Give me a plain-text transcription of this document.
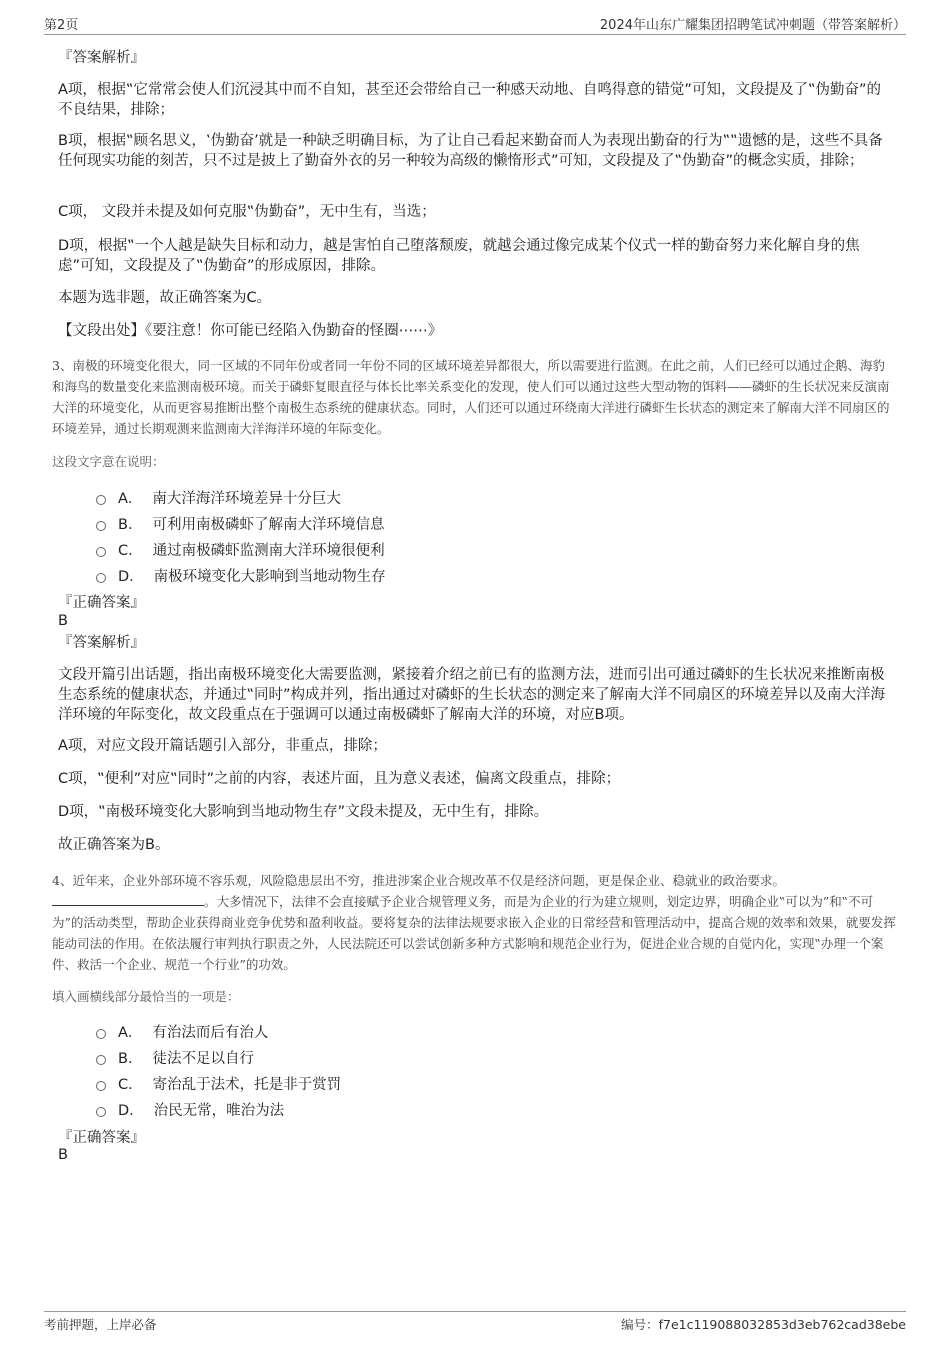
第2页	2024年山东广耀集团招聘笔试冲刺题（带答案解析）
『答案解析』
A项，根据‟它常常会使人们沉浸其中而不自知，甚至还会带给自己一种感天动地、自鸣得意的错觉”可知，文段提及了‟伪勤奋”的不良结果，排除；
B项，根据‟顾名思义，‛伪勤奋’就是一种缺乏明确目标，为了让自己看起来勤奋而人为表现出勤奋的行为‟‟遗憾的是，这些不具备任何现实功能的刻苦，只不过是披上了勤奋外衣的另一种较为高级的懒惰形式”可知，文段提及了‟伪勤奋”的概念实质，排除；
C项， 文段并未提及如何克服‟伪勤奋”，无中生有，当选；
D项，根据‟一个人越是缺失目标和动力，越是害怕自己堕落颓废，就越会通过像完成某个仪式一样的勤奋努力来化解自身的焦虑”可知，文段提及了‟伪勤奋”的形成原因，排除。
本题为选非题，故正确答案为C。
【文段出处】《要注意！你可能已经陷入伪勤奋的怪圈⋯⋯》
3、南极的环境变化很大，同一区域的不同年份或者同一年份不同的区域环境差异都很大，所以需要进行监测。在此之前，人们已经可以通过企鹅、海豹和海鸟的数量变化来监测南极环境。而关于磷虾复眼直径与体长比率关系变化的发现，使人们可以通过这些大型动物的饵料——磷虾的生长状况来反演南大洋的环境变化，从而更容易推断出整个南极生态系统的健康状态。同时，人们还可以通过环绕南大洋进行磷虾生长状态的测定来了解南大洋不同扇区的环境差异，通过长期观测来监测南大洋海洋环境的年际变化。
这段文字意在说明：
A． 南大洋海洋环境差异十分巨大
B． 可利用南极磷虾了解南大洋环境信息
C． 通过南极磷虾监测南大洋环境很便利
D． 南极环境变化大影响到当地动物生存
『正确答案』
B
『答案解析』
文段开篇引出话题，指出南极环境变化大需要监测，紧接着介绍之前已有的监测方法，进而引出可通过磷虾的生长状况来推断南极生态系统的健康状态，并通过‟同时”构成并列，指出通过对磷虾的生长状态的测定来了解南大洋不同扇区的环境差异以及南大洋海洋环境的年际变化，故文段重点在于强调可以通过南极磷虾了解南大洋的环境，对应B项。
A项，对应文段开篇话题引入部分，非重点，排除；
C项，‟便利”对应‟同时”之前的内容，表述片面，且为意义表述，偏离文段重点，排除；
D项，‟南极环境变化大影响到当地动物生存”文段未提及，无中生有，排除。
故正确答案为B。
4、近年来，企业外部环境不容乐观，风险隐患层出不穷，推进涉案企业合规改革不仅是经济问题，更是保企业、稳就业的政治要求。
。大多情况下，法律不会直接赋予企业合规管理义务，而是为企业的行为建立规则，划定边界，明确企业‟可以为”和‟不可为”的活动类型，帮助企业获得商业竞争优势和盈利收益。要将复杂的法律法规要求嵌入企业的日常经营和管理活动中，提高合规的效率和效果，就要发挥能动司法的作用。在依法履行审判执行职责之外，人民法院还可以尝试创新多种方式影响和规范企业行为，促进企业合规的自觉内化，实现‟办理一个案件、救活一个企业、规范一个行业”的功效。
填入画横线部分最恰当的一项是：
A． 有治法而后有治人
B． 徒法不足以自行
C． 寄治乱于法术，托是非于赏罚
D． 治民无常，唯治为法
『正确答案』
B
考前押题，上岸必备	编号：f7e1c119088032853d3eb762cad38ebe
